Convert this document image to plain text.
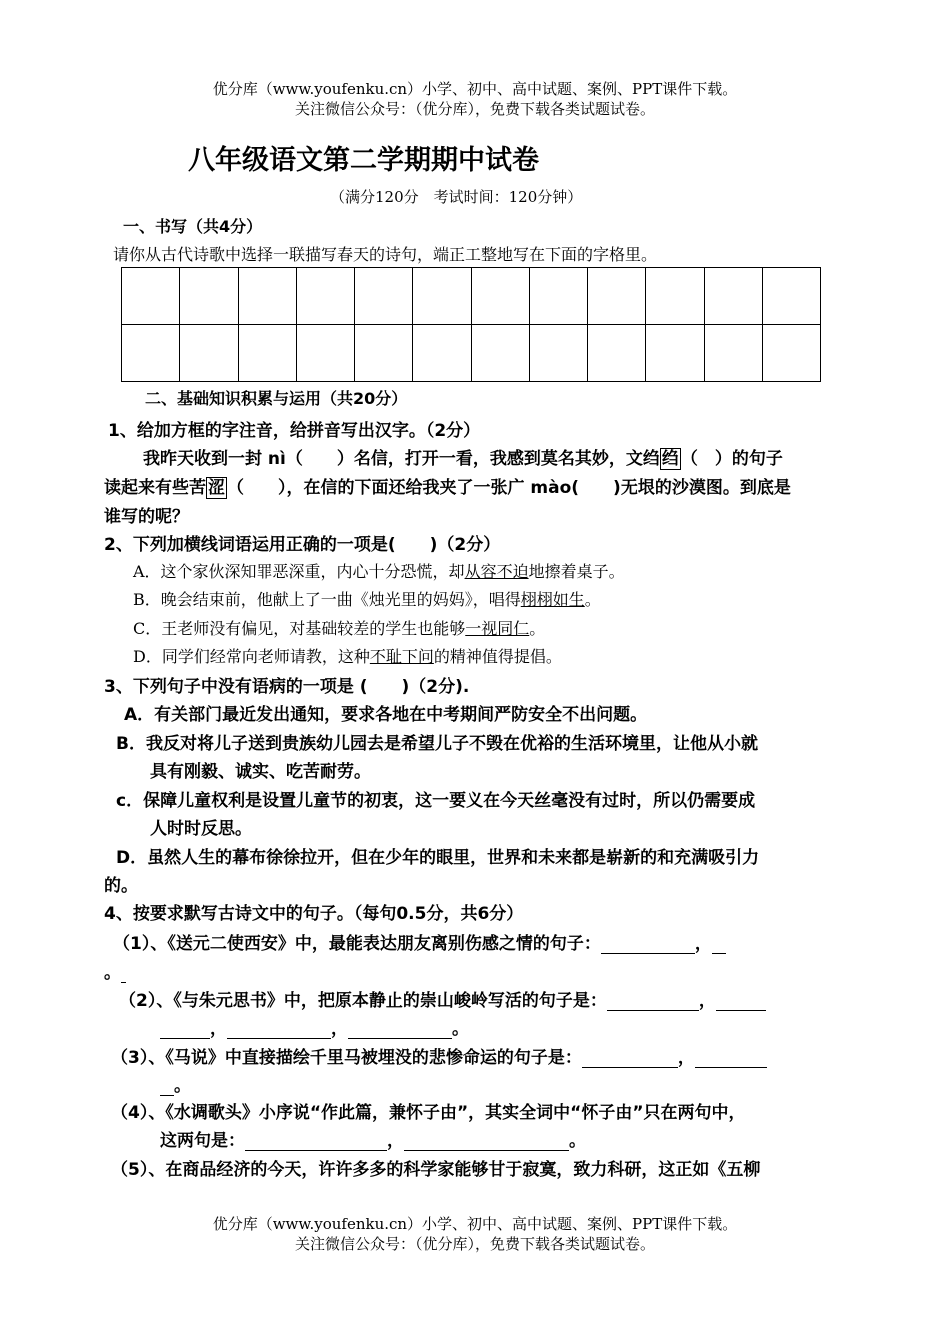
优分库（www.youfenku.cn）小学、初中、高中试题、案例、PPT课件下载。
关注微信公众号：（优分库），免费下载各类试题试卷。
八年级语文第二学期期中试卷
（满分120分　考试时间：120分钟）
一、书写（共4分）
请你从古代诗歌中选择一联描写春天的诗句，端正工整地写在下面的字格里。

二、基础知识积累与运用（共20分）
1、给加方框的字注音，给拼音写出汉字。（2分）
我昨天收到一封 nì（　　）名信，打开一看，我感到莫名其妙，文绉 绉 （　）的句子
读起来有些苦 涩 （　　），在信的下面还给我夹了一张广 mào(　　)无垠的沙漠图。到底是
谁写的呢？
2、下列加横线词语运用正确的一项是(　　)（2分）
A．这个家伙深知罪恶深重，内心十分恐慌，却从容不迫地擦着桌子。
B．晚会结束前，他献上了一曲《烛光里的妈妈》，唱得栩栩如生。
C．王老师没有偏见，对基础较差的学生也能够一视同仁。
D．同学们经常向老师请教，这种不耻下问的精神值得提倡。
3、下列句子中没有语病的一项是 (　　)（2分).
A．有关部门最近发出通知，要求各地在中考期间严防安全不出问题。
B．我反对将儿子送到贵族幼儿园去是希望儿子不毁在优裕的生活环境里，让他从小就
具有刚毅、诚实、吃苦耐劳。
c．保障儿童权利是设置儿童节的初衷，这一要义在今天丝毫没有过时，所以仍需要成
人时时反思。
D．虽然人生的幕布徐徐拉开，但在少年的眼里，世界和未来都是崭新的和充满吸引力
的。
4、按要求默写古诗文中的句子。（每句0.5分，共6分）
（1）、《送元二使西安》中，最能表达朋友离别伤感之情的句子：	，
。
（2）、《与朱元思书》中，把原本静止的崇山峻岭写活的句子是：	，
，	，	。
（3）、《马说》中直接描绘千里马被埋没的悲惨命运的句子是：	，
。
（4）、《水调歌头》小序说“作此篇，兼怀子由”，其实全词中“怀子由”只在两句中，
这两句是：	，	。
（5）、在商品经济的今天，许许多多的科学家能够甘于寂寞，致力科研，这正如《五柳
优分库（www.youfenku.cn）小学、初中、高中试题、案例、PPT课件下载。
关注微信公众号：（优分库），免费下载各类试题试卷。
